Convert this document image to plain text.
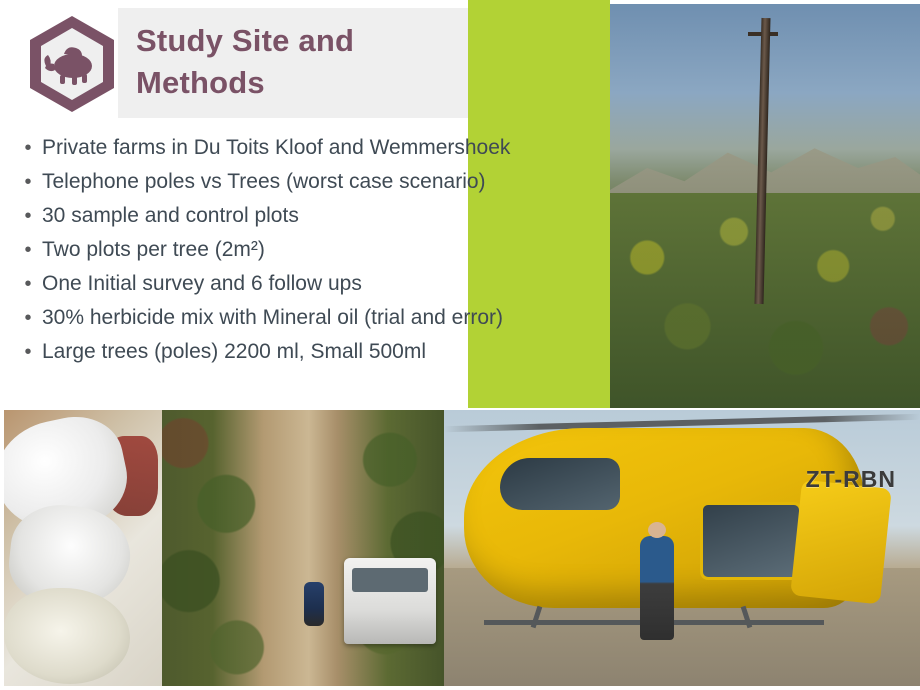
Study Site and
Methods
• Private farms in Du Toits Kloof and Wemmershoek
• Telephone poles vs Trees (worst case scenario)
• 30 sample and control plots
• Two plots per tree (2m²)
• One Initial survey and 6 follow ups
• 30% herbicide mix with Mineral oil (trial and error)
• Large trees (poles) 2200 ml, Small 500ml
ZT-RBN
